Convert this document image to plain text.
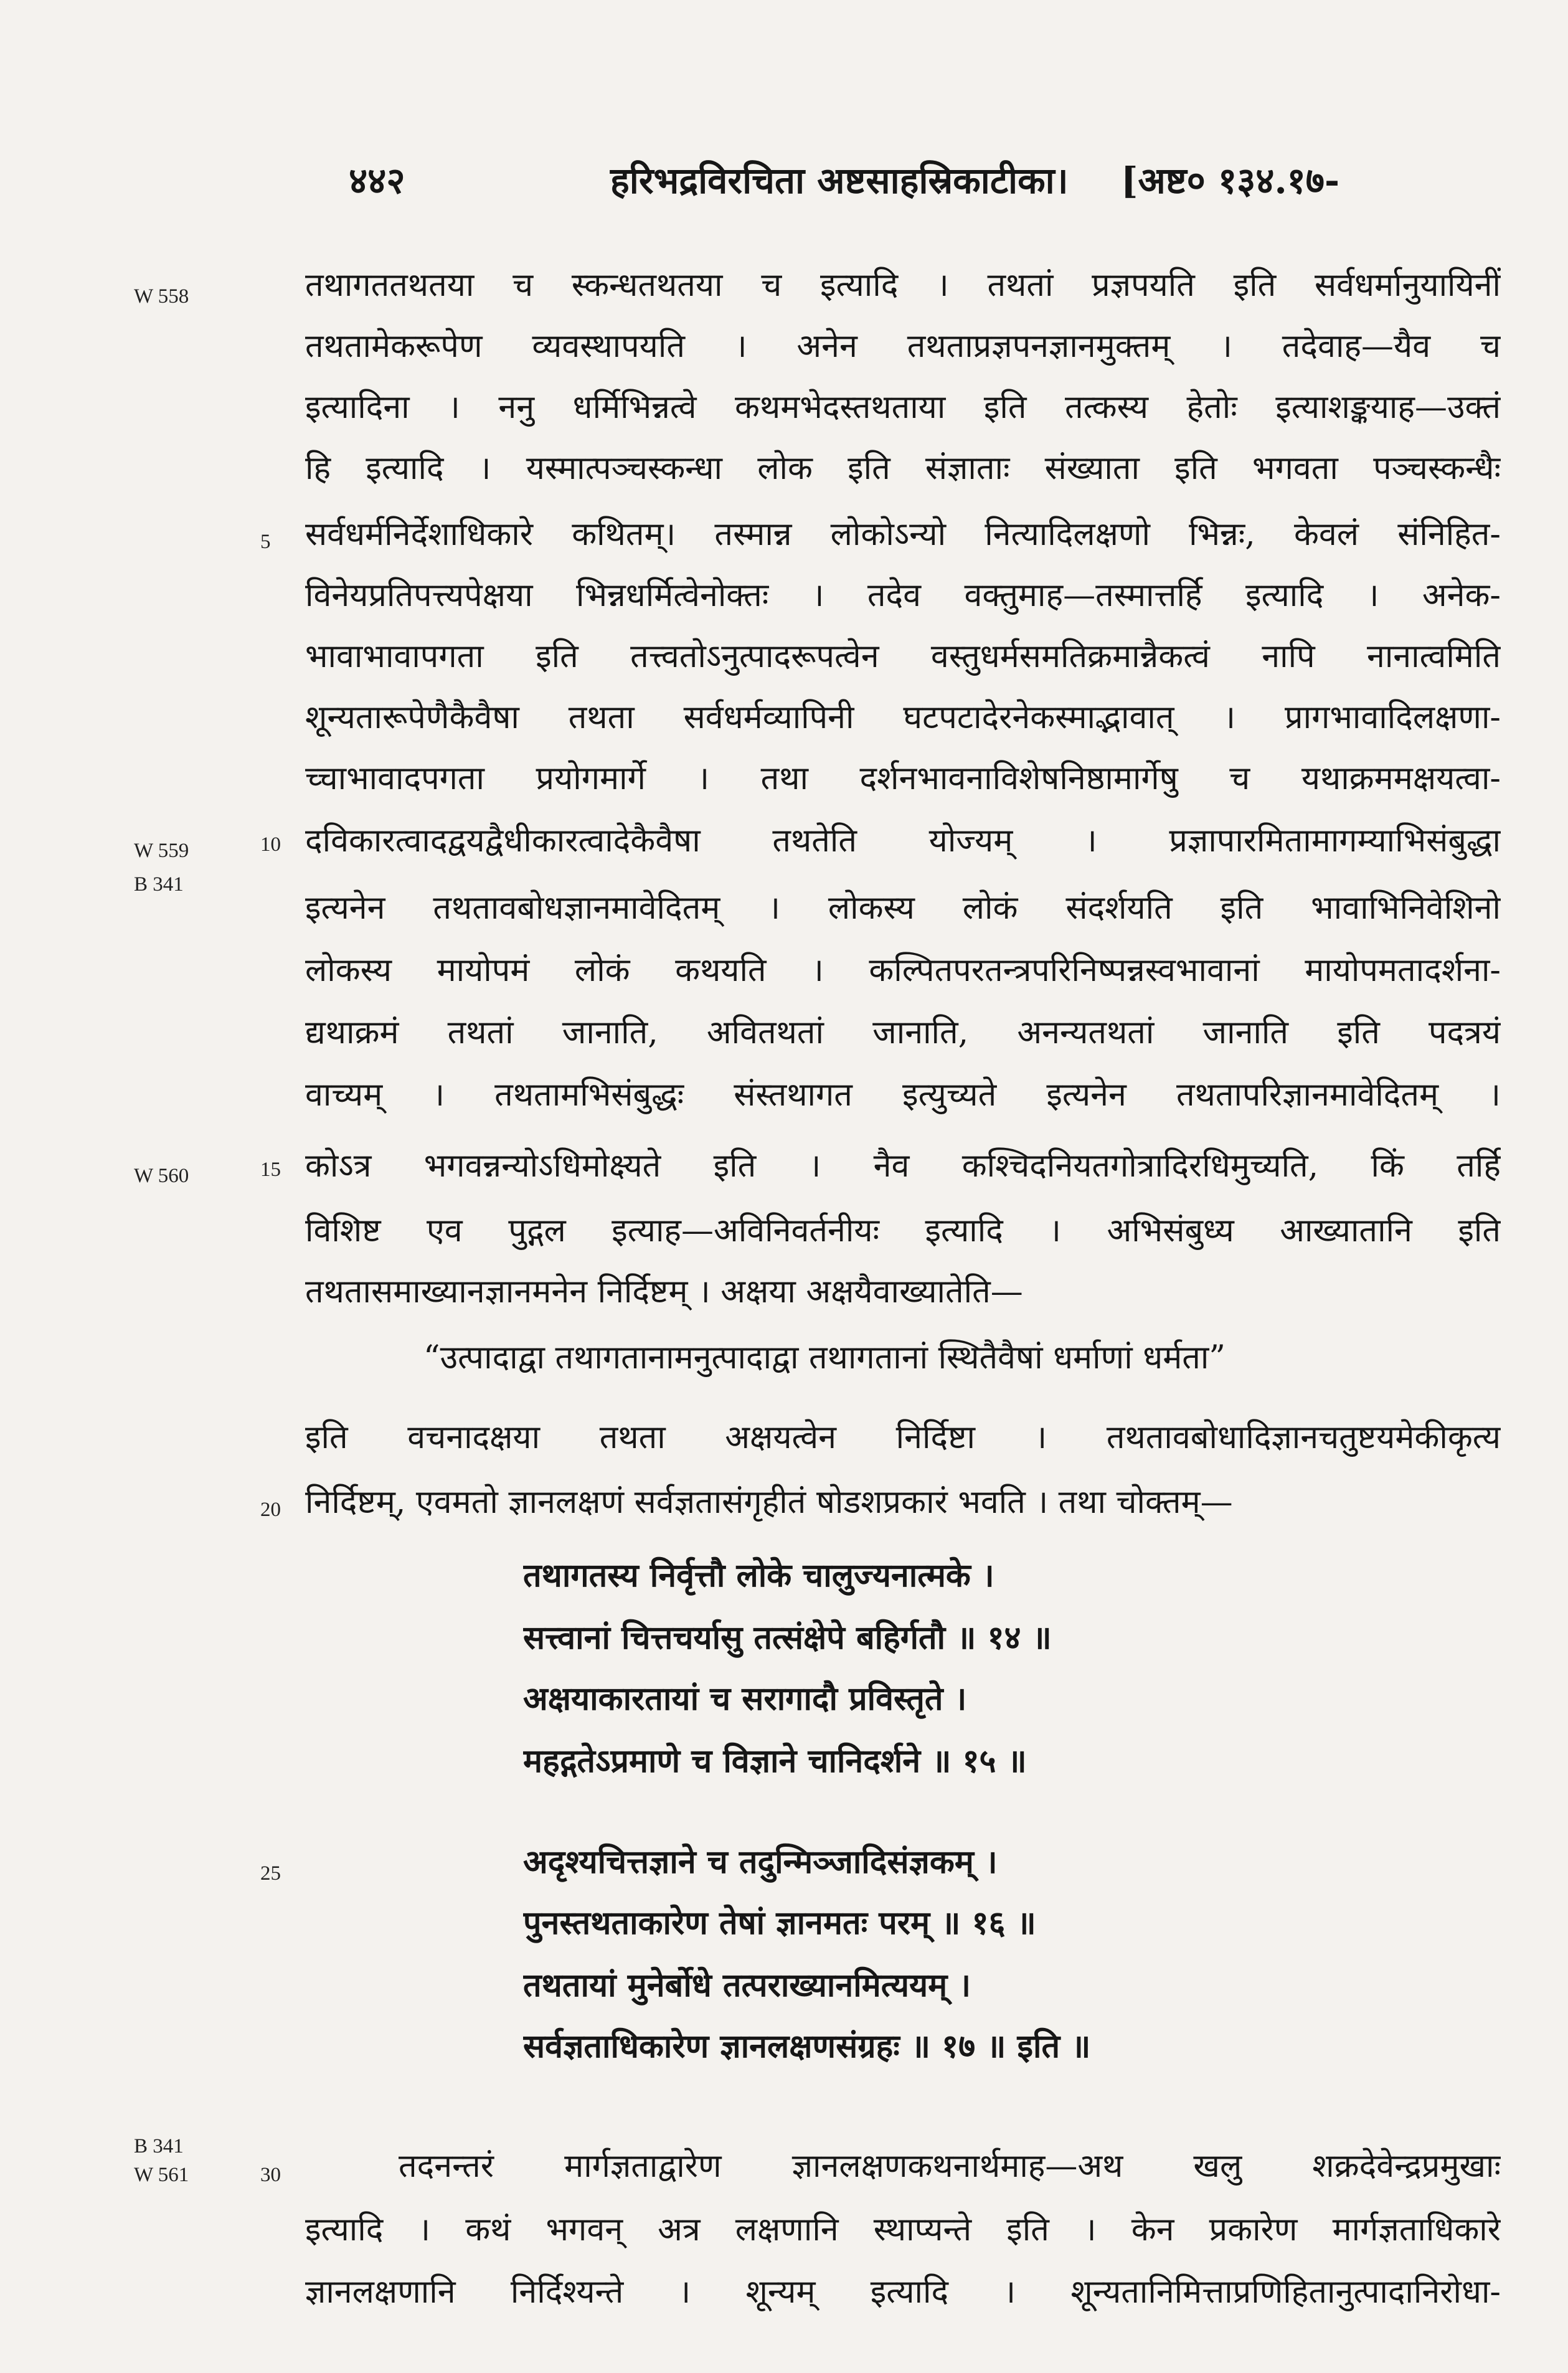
४४२	हरिभद्रविरचिता अष्टसाहस्रिकाटीका। [अष्ट० १३४.१७-
W 558
W 559
B 341
W 560
B 341
W 561
5
10
15
20
25
30
तथागततथतया च स्कन्धतथतया च इत्यादि । तथतां प्रज्ञपयति इति सर्वधर्मानुयायिनीं
तथतामेकरूपेण व्यवस्थापयति । अनेन तथताप्रज्ञपनज्ञानमुक्तम् । तदेवाह—यैव च
इत्यादिना । ननु धर्मिभिन्नत्वे कथमभेदस्तथताया इति तत्कस्य हेतोः इत्याशङ्कयाह—उक्तं
हि इत्यादि । यस्मात्पञ्चस्कन्धा लोक इति संज्ञाताः संख्याता इति भगवता पञ्चस्कन्धैः
सर्वधर्मनिर्देशाधिकारे कथितम्। तस्मान्न लोकोऽन्यो नित्यादिलक्षणो भिन्नः, केवलं संनिहित-
विनेयप्रतिपत्त्यपेक्षया भिन्नधर्मित्वेनोक्तः । तदेव वक्तुमाह—तस्मात्तर्हि इत्यादि । अनेक-
भावाभावापगता इति तत्त्वतोऽनुत्पादरूपत्वेन वस्तुधर्मसमतिक्रमान्नैकत्वं नापि नानात्वमिति
शून्यतारूपेणैकैवैषा तथता सर्वधर्मव्यापिनी घटपटादेरनेकस्माद्भावात् । प्रागभावादिलक्षणा-
च्चाभावादपगता प्रयोगमार्गे । तथा दर्शनभावनाविशेषनिष्ठामार्गेषु च यथाक्रममक्षयत्वा-
दविकारत्वादद्वयद्वैधीकारत्वादेकैवैषा तथतेति योज्यम् । प्रज्ञापारमितामागम्याभिसंबुद्धा
इत्यनेन तथतावबोधज्ञानमावेदितम् । लोकस्य लोकं संदर्शयति इति भावाभिनिवेशिनो
लोकस्य मायोपमं लोकं कथयति । कल्पितपरतन्त्रपरिनिष्पन्नस्वभावानां मायोपमतादर्शना-
द्यथाक्रमं तथतां जानाति, अवितथतां जानाति, अनन्यतथतां जानाति इति पदत्रयं
वाच्यम् । तथतामभिसंबुद्धः संस्तथागत इत्युच्यते इत्यनेन तथतापरिज्ञानमावेदितम् ।
कोऽत्र भगवन्नन्योऽधिमोक्ष्यते इति । नैव कश्चिदनियतगोत्रादिरधिमुच्यति, किं तर्हि
विशिष्ट एव पुद्गल इत्याह—अविनिवर्तनीयः इत्यादि । अभिसंबुध्य आख्यातानि इति
तथतासमाख्यानज्ञानमनेन निर्दिष्टम् । अक्षया अक्षयैवाख्यातेति—
“उत्पादाद्वा तथागतानामनुत्पादाद्वा तथागतानां स्थितैवैषां धर्माणां धर्मता”
इति वचनादक्षया तथता अक्षयत्वेन निर्दिष्टा । तथतावबोधादिज्ञानचतुष्टयमेकीकृत्य
निर्दिष्टम्, एवमतो ज्ञानलक्षणं सर्वज्ञतासंगृहीतं षोडशप्रकारं भवति । तथा चोक्तम्—
तथागतस्य निर्वृत्तौ लोके चालुज्यनात्मके ।
सत्त्वानां चित्तचर्यासु तत्संक्षेपे बहिर्गतौ ॥ १४ ॥
अक्षयाकारतायां च सरागादौ प्रविस्तृते ।
महद्गतेऽप्रमाणे च विज्ञाने चानिदर्शने ॥ १५ ॥
अदृश्यचित्तज्ञाने च तदुन्मिञ्जादिसंज्ञकम् ।
पुनस्तथताकारेण तेषां ज्ञानमतः परम् ॥ १६ ॥
तथतायां मुनेर्बोधे तत्पराख्यानमित्ययम् ।
सर्वज्ञताधिकारेण ज्ञानलक्षणसंग्रहः ॥ १७ ॥ इति ॥
तदनन्तरं मार्गज्ञताद्वारेण ज्ञानलक्षणकथनार्थमाह—अथ खलु शक्रदेवेन्द्रप्रमुखाः
इत्यादि । कथं भगवन् अत्र लक्षणानि स्थाप्यन्ते इति । केन प्रकारेण मार्गज्ञताधिकारे
ज्ञानलक्षणानि निर्दिश्यन्ते । शून्यम् इत्यादि । शून्यतानिमित्ताप्रणिहितानुत्पादानिरोधा-
